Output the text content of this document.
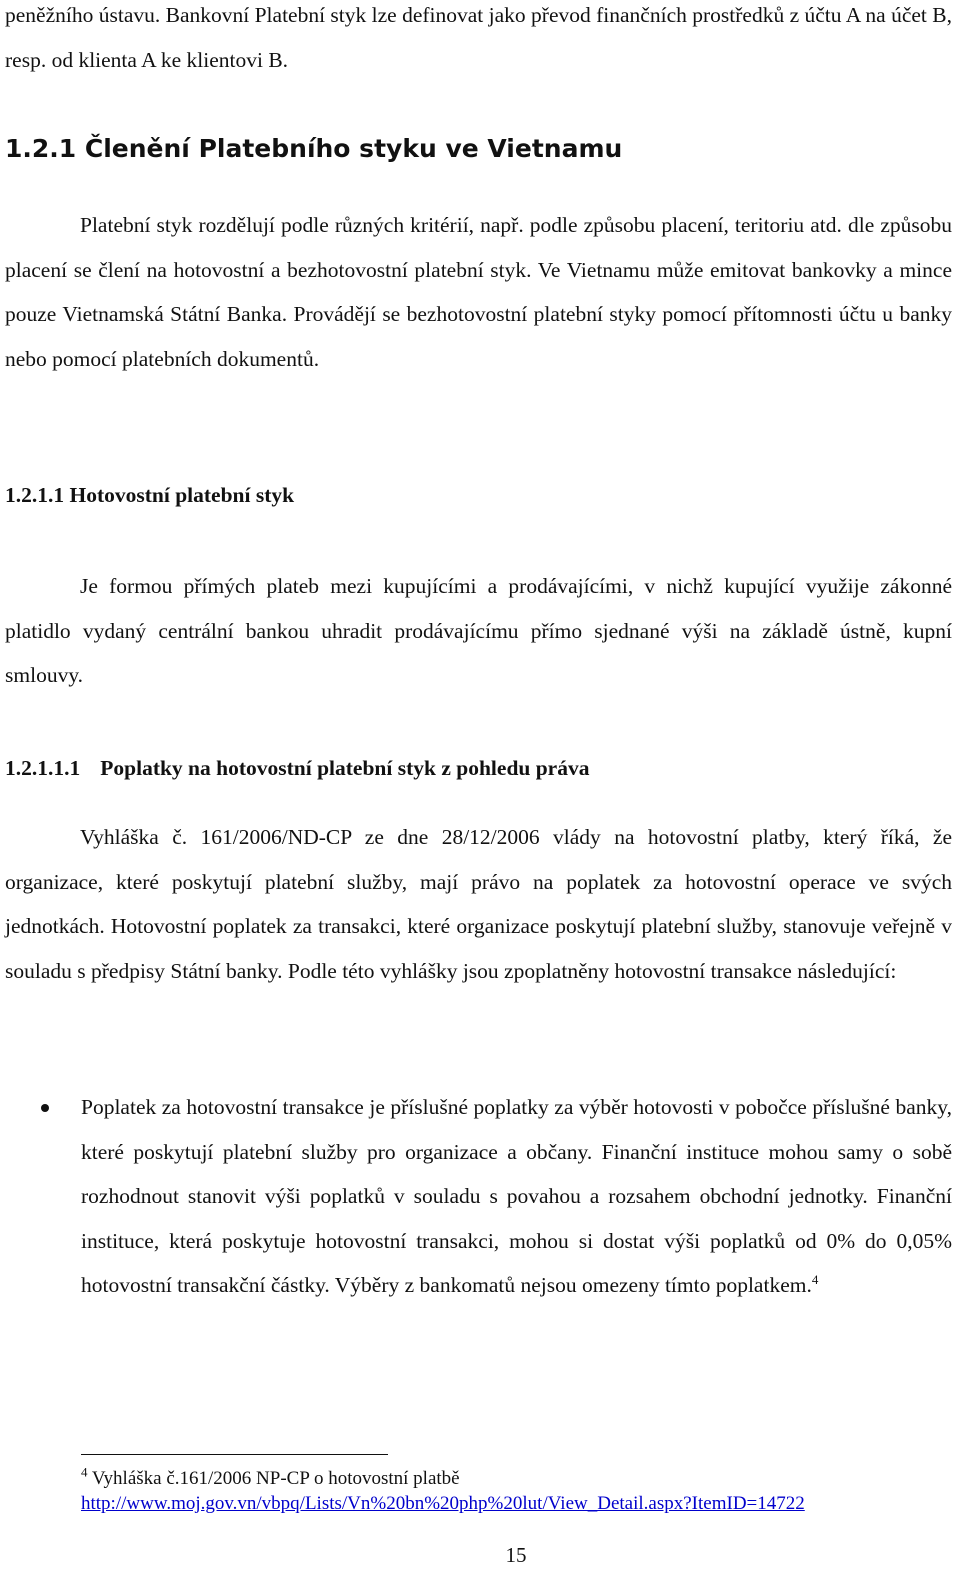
peněžního ústavu. Bankovní Platební styk lze definovat jako převod finančních prostředků z účtu A na účet B, resp. od klienta A ke klientovi B.

1.2.1 Členění Platebního styku ve Vietnamu

Platební styk rozdělují podle různých kritérií, např. podle způsobu placení, teritoriu atd. dle způsobu placení se člení na hotovostní a bezhotovostní platební styk. Ve Vietnamu může emitovat bankovky a mince pouze Vietnamská Státní Banka. Provádějí se bezhotovostní platební styky pomocí přítomnosti účtu u banky nebo pomocí platebních dokumentů.

1.2.1.1 Hotovostní platební styk

Je formou přímých plateb mezi kupujícími a prodávajícími, v nichž kupující využije zákonné platidlo vydaný centrální bankou uhradit prodávajícímu přímo sjednané výši na základě ústně, kupní smlouvy.

1.2.1.1.1 Poplatky na hotovostní platební styk z pohledu práva

Vyhláška č. 161/2006/ND-CP ze dne 28/12/2006 vlády na hotovostní platby, který říká, že organizace, které poskytují platební služby, mají právo na poplatek za hotovostní operace ve svých jednotkách. Hotovostní poplatek za transakci, které organizace poskytují platební služby, stanovuje veřejně v souladu s předpisy Státní banky. Podle této vyhlášky jsou zpoplatněny hotovostní transakce následující:

Poplatek za hotovostní transakce je příslušné poplatky za výběr hotovosti v pobočce příslušné banky, které poskytují platební služby pro organizace a občany. Finanční instituce mohou samy o sobě rozhodnout stanovit výši poplatků v souladu s povahou a rozsahem obchodní jednotky. Finanční instituce, která poskytuje hotovostní transakci, mohou si dostat výši poplatků od 0% do 0,05% hotovostní transakční částky. Výběry z bankomatů nejsou omezeny tímto poplatkem.$^4$

$^4$ Vyhláška č.161/2006 NP-CP o hotovostní platbě

http://www.moj.gov.vn/vbpq/Lists/Vn%20bn%20php%20lut/View_Detail.aspx?ItemID=14722

15
